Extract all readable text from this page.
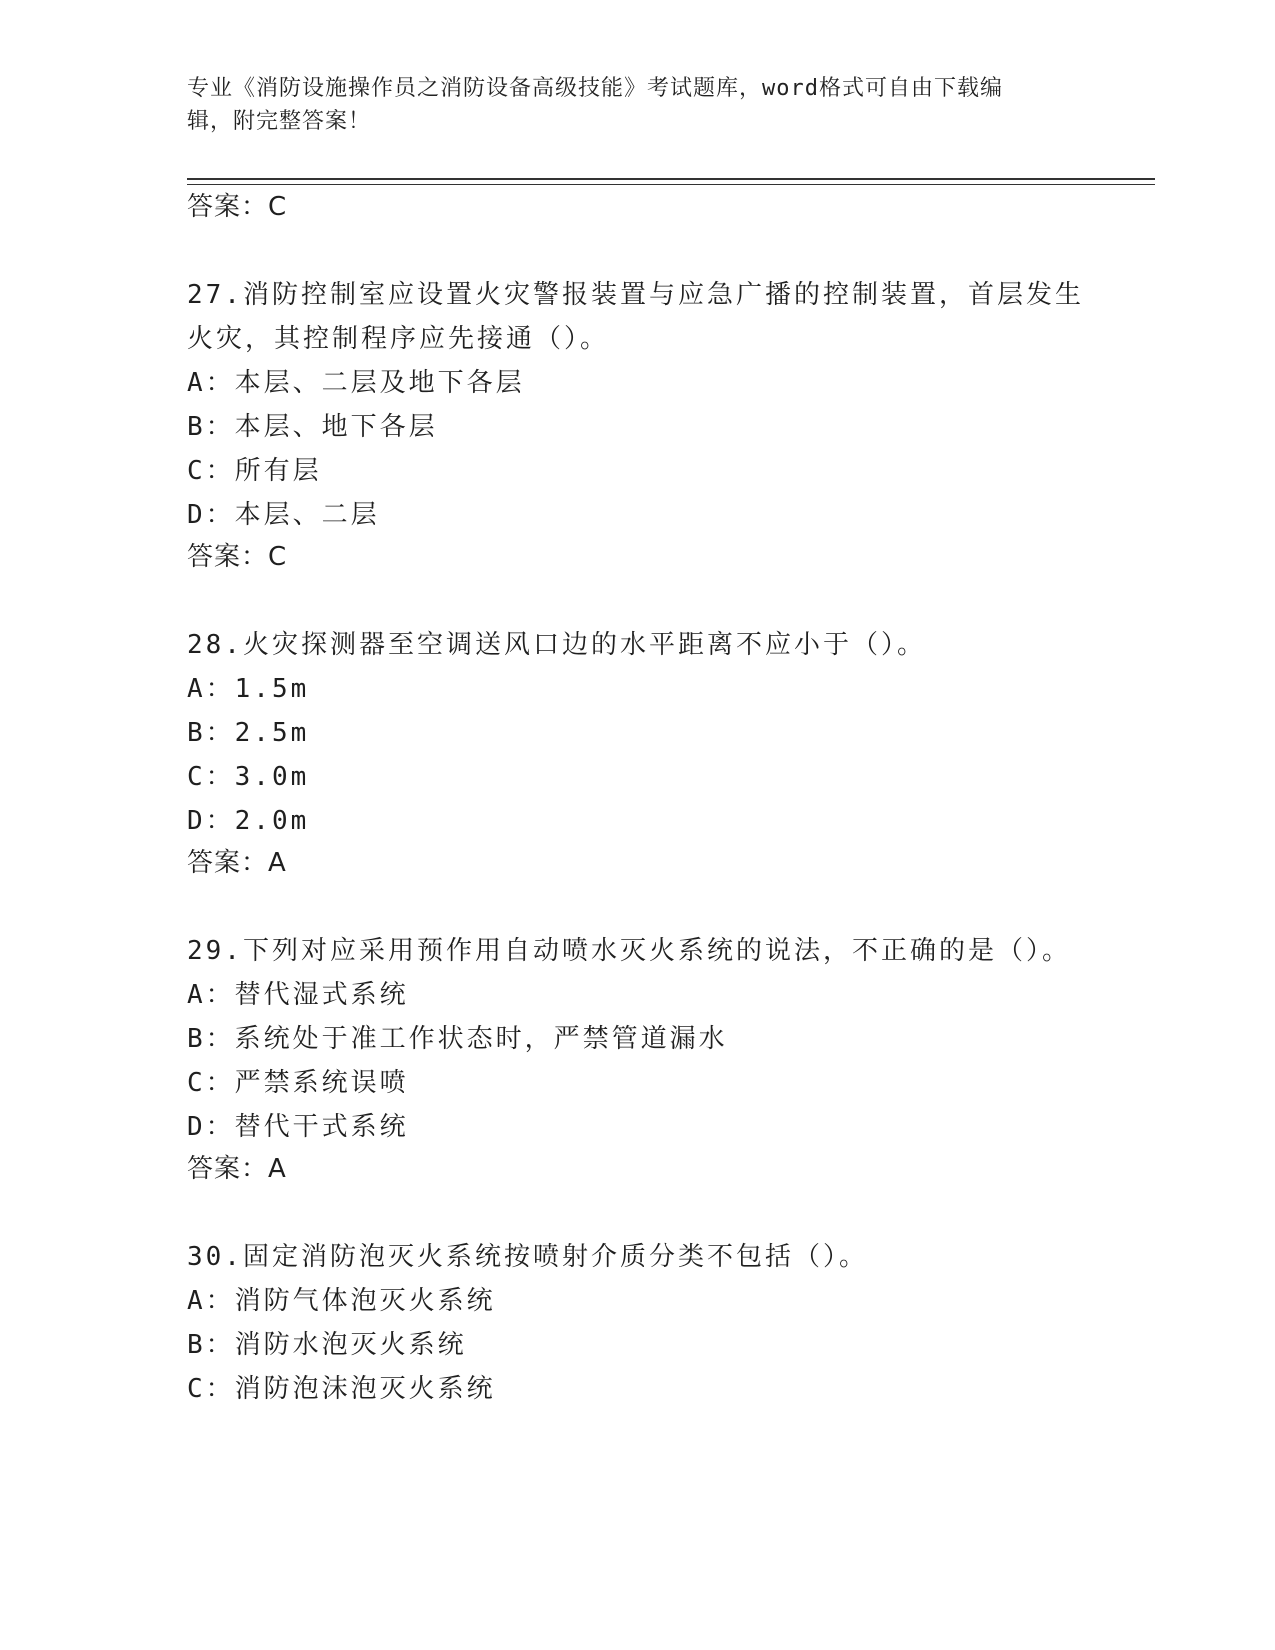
专业《消防设施操作员之消防设备高级技能》考试题库，word格式可自由下载编
辑，附完整答案！
答案：C
27.消防控制室应设置火灾警报装置与应急广播的控制装置，首层发生
火灾，其控制程序应先接通（）。
A：本层、二层及地下各层
B：本层、地下各层
C：所有层
D：本层、二层
答案：C
28.火灾探测器至空调送风口边的水平距离不应小于（）。
A：1.5m
B：2.5m
C：3.0m
D：2.0m
答案：A
29.下列对应采用预作用自动喷水灭火系统的说法，不正确的是（）。
A：替代湿式系统
B：系统处于准工作状态时，严禁管道漏水
C：严禁系统误喷
D：替代干式系统
答案：A
30.固定消防泡灭火系统按喷射介质分类不包括（）。
A：消防气体泡灭火系统
B：消防水泡灭火系统
C：消防泡沫泡灭火系统
